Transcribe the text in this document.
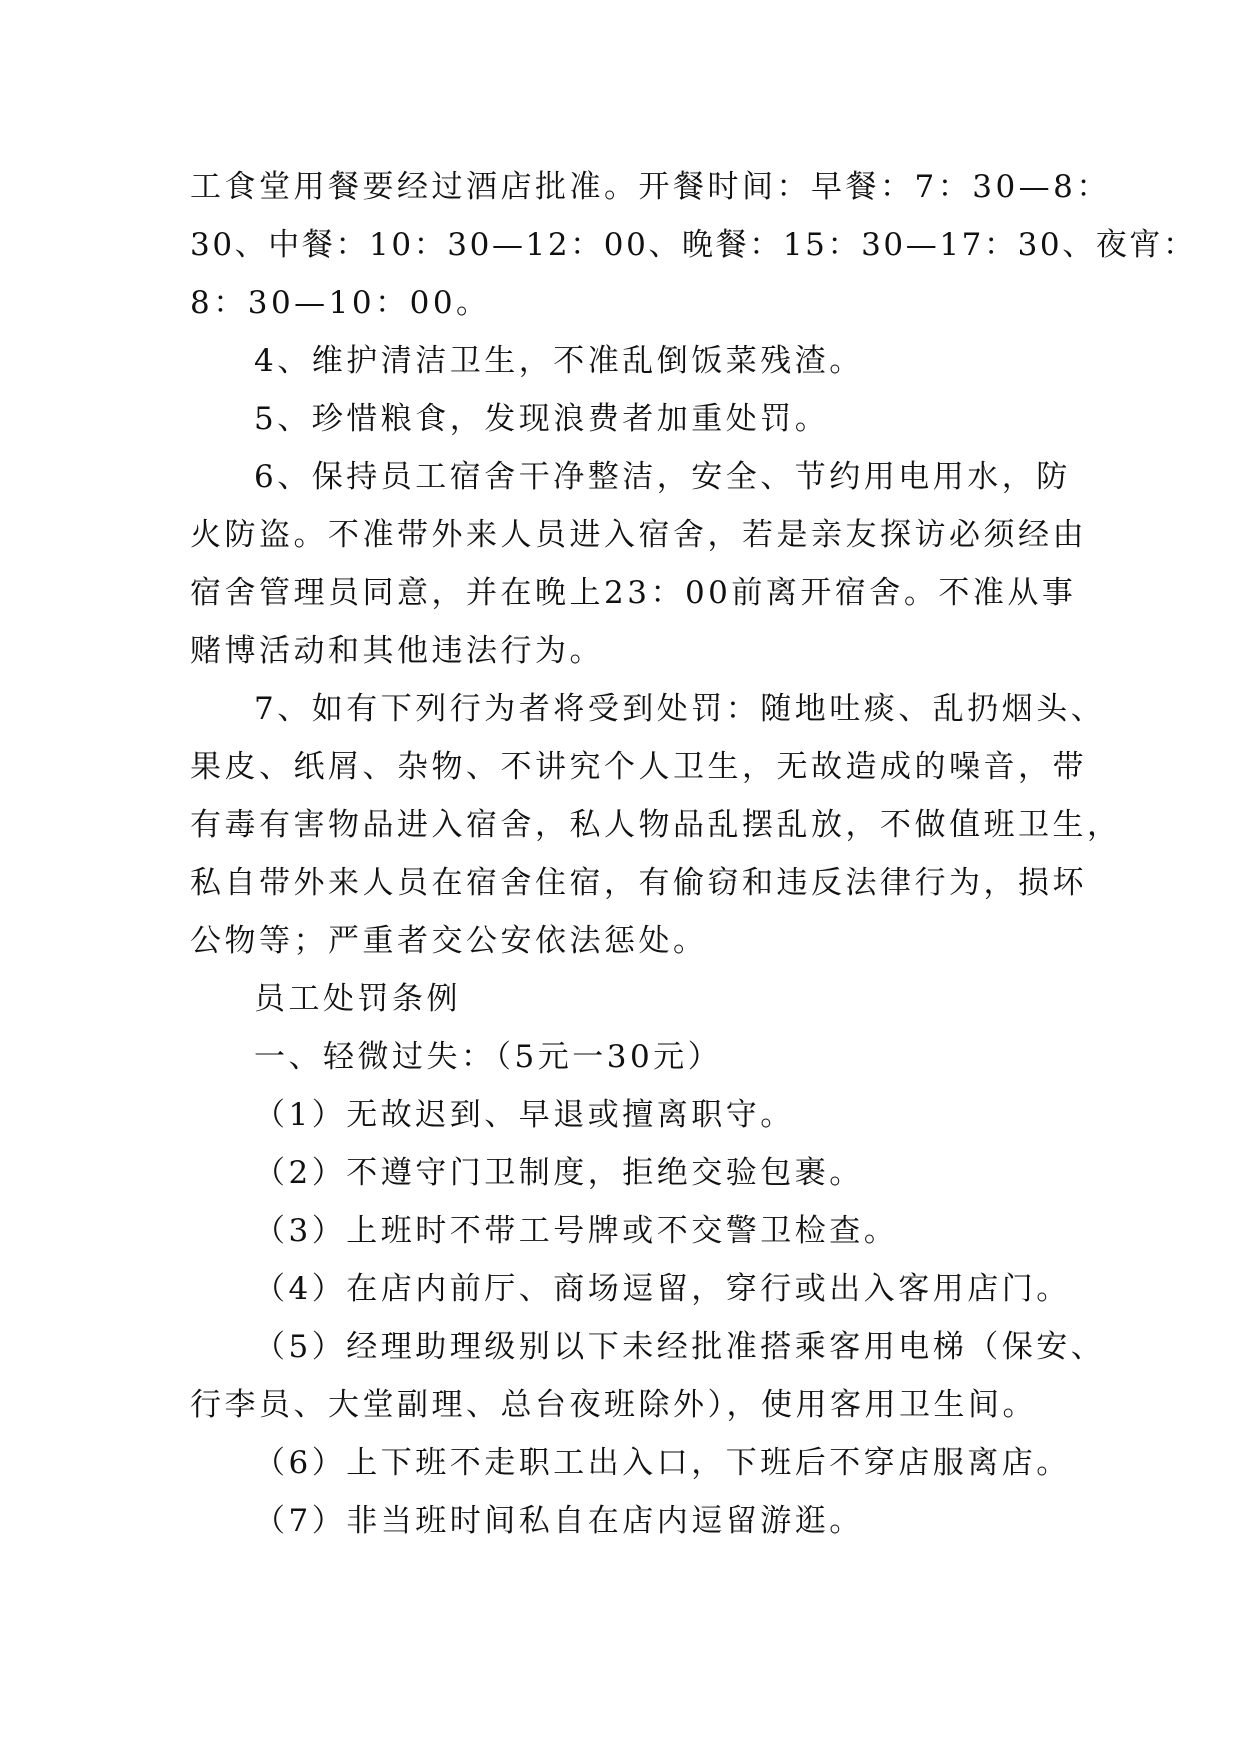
工食堂用餐要经过酒店批准。开餐时间：早餐：7：30—8：
30、中餐：10：30—12：00、晚餐：15：30—17：30、夜宵：
8：30—10：00。
4、维护清洁卫生，不准乱倒饭菜残渣。
5、珍惜粮食，发现浪费者加重处罚。
6、保持员工宿舍干净整洁，安全、节约用电用水，防
火防盗。不准带外来人员进入宿舍，若是亲友探访必须经由
宿舍管理员同意，并在晚上23：00前离开宿舍。不准从事
赌博活动和其他违法行为。
7、如有下列行为者将受到处罚：随地吐痰、乱扔烟头、
果皮、纸屑、杂物、不讲究个人卫生，无故造成的噪音，带
有毒有害物品进入宿舍，私人物品乱摆乱放，不做值班卫生，
私自带外来人员在宿舍住宿，有偷窃和违反法律行为，损坏
公物等；严重者交公安依法惩处。
员工处罚条例
一、轻微过失：（5元一30元）
（1）无故迟到、早退或擅离职守。
（2）不遵守门卫制度，拒绝交验包裹。
（3）上班时不带工号牌或不交警卫检查。
（4）在店内前厅、商场逗留，穿行或出入客用店门。
（5）经理助理级别以下未经批准搭乘客用电梯（保安、
行李员、大堂副理、总台夜班除外），使用客用卫生间。
（6）上下班不走职工出入口，下班后不穿店服离店。
（7）非当班时间私自在店内逗留游逛。
